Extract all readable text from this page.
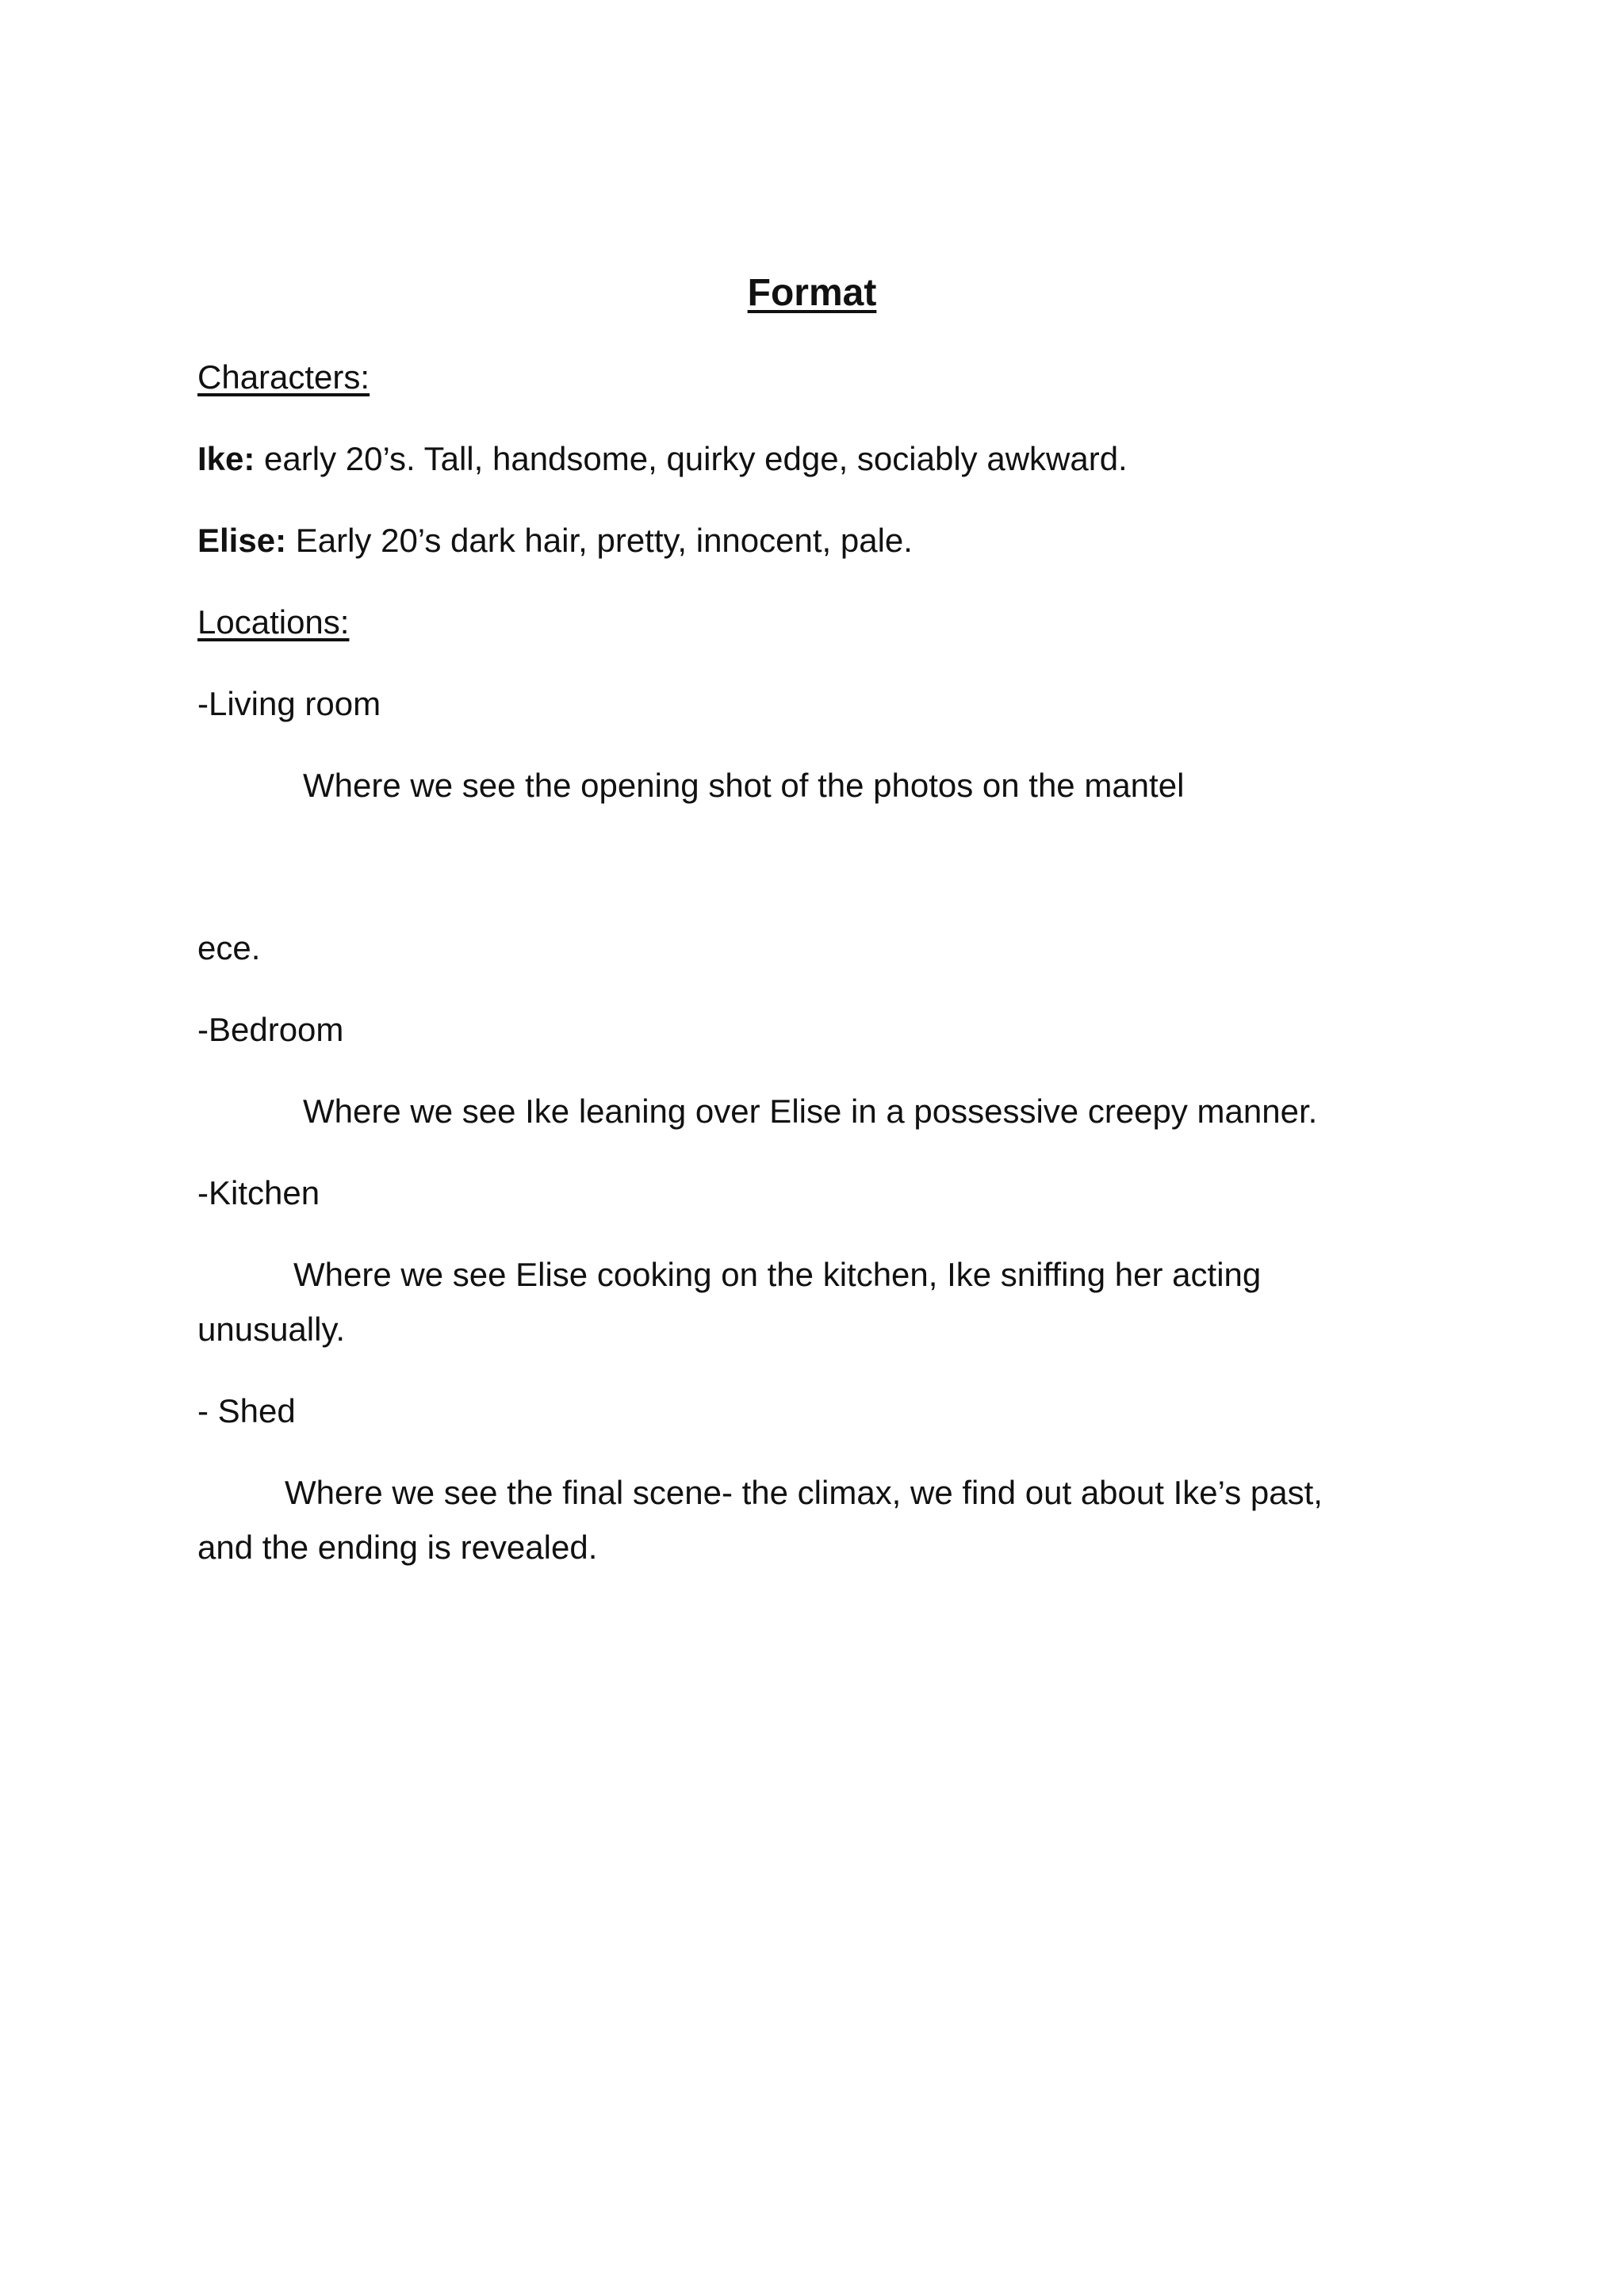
Format
Characters:
Ike: early 20’s. Tall, handsome, quirky edge, sociably awkward.
Elise: Early 20’s dark hair, pretty, innocent, pale.
Locations:
-Living room
Where we see the opening shot of the photos on the mantel
ece.
-Bedroom
Where we see Ike leaning over Elise in a possessive creepy manner.
-Kitchen
Where we see Elise cooking on the kitchen, Ike sniffing her acting
unusually.
- Shed
Where we see the final scene- the climax, we find out about Ike’s past,
and the ending is revealed.
